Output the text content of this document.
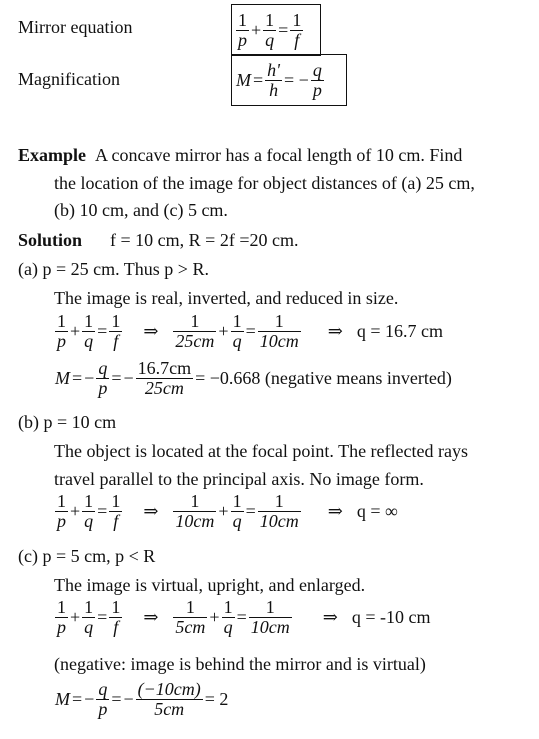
Mirror equation	$\frac{1}{p} + \frac{1}{q} = \frac{1}{f}$
Magnification	$M = \frac{h'}{h}$ = − $\frac{q}{p}$
Example A concave mirror has a focal length of 10 cm. Find
the location of the image for object distances of (a) 25 cm,
(b) 10 cm, and (c) 5 cm.
Solution f = 10 cm, R = 2f =20 cm.
(a) p = 25 cm. Thus p > R.
The image is real, inverted, and reduced in size.
$\frac{1}{p} + \frac{1}{q} = \frac{1}{f}$ ⇒ $\frac{1}{25cm} + \frac{1}{q} = \frac{1}{10cm}$ ⇒ q = 16.7 cm
M = − $\frac{q}{p}$ = − $\frac{16.7cm}{25cm} = -0.668$ (negative means inverted)
(b) p = 10 cm
The object is located at the focal point. The reflected rays
travel parallel to the principal axis. No image form.
$\frac{1}{p} + \frac{1}{q} = \frac{1}{f}$ ⇒ $\frac{1}{10cm} + \frac{1}{q} = \frac{1}{10cm}$ ⇒ q = ∞
(c) p = 5 cm, p < R
The image is virtual, upright, and enlarged.
$\frac{1}{p} + \frac{1}{q} = \frac{1}{f}$ ⇒ $\frac{1}{5cm} + \frac{1}{q} = \frac{1}{10cm}$ ⇒ q = -10 cm
(negative: image is behind the mirror and is virtual)
M = − $\frac{q}{p}$ = − $\frac{(-10cm)}{5cm} = 2$
